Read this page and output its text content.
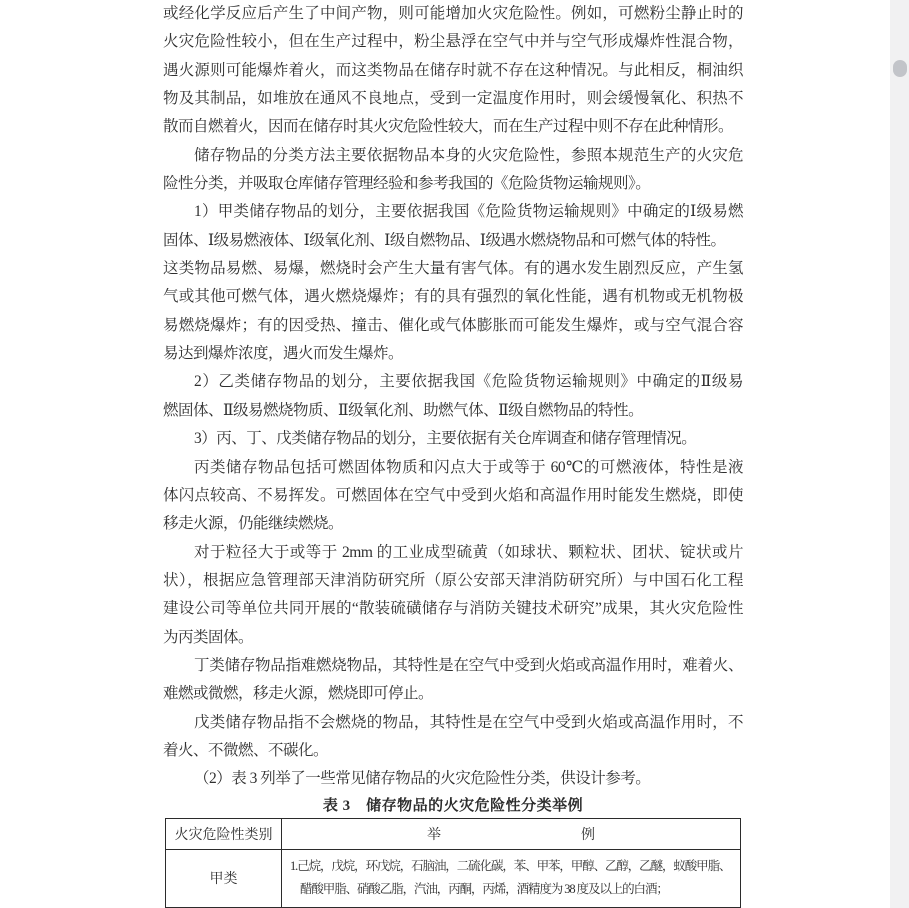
或经化学反应后产生了中间产物，则可能增加火灾危险性。例如，可燃粉尘静止时的
火灾危险性较小，但在生产过程中，粉尘悬浮在空气中并与空气形成爆炸性混合物，
遇火源则可能爆炸着火，而这类物品在储存时就不存在这种情况。与此相反，桐油织
物及其制品，如堆放在通风不良地点，受到一定温度作用时，则会缓慢氧化、积热不
散而自燃着火，因而在储存时其火灾危险性较大，而在生产过程中则不存在此种情形。
储存物品的分类方法主要依据物品本身的火灾危险性，参照本规范生产的火灾危
险性分类，并吸取仓库储存管理经验和参考我国的《危险货物运输规则》。
1）甲类储存物品的划分，主要依据我国《危险货物运输规则》中确定的Ⅰ级易燃
固体、Ⅰ级易燃液体、Ⅰ级氧化剂、Ⅰ级自燃物品、Ⅰ级遇水燃烧物品和可燃气体的特性。
这类物品易燃、易爆，燃烧时会产生大量有害气体。有的遇水发生剧烈反应，产生氢
气或其他可燃气体，遇火燃烧爆炸；有的具有强烈的氧化性能，遇有机物或无机物极
易燃烧爆炸；有的因受热、撞击、催化或气体膨胀而可能发生爆炸，或与空气混合容
易达到爆炸浓度，遇火而发生爆炸。
2）乙类储存物品的划分，主要依据我国《危险货物运输规则》中确定的Ⅱ级易
燃固体、Ⅱ级易燃烧物质、Ⅱ级氧化剂、助燃气体、Ⅱ级自燃物品的特性。
3）丙、丁、戊类储存物品的划分，主要依据有关仓库调查和储存管理情况。
丙类储存物品包括可燃固体物质和闪点大于或等于 60℃的可燃液体，特性是液
体闪点较高、不易挥发。可燃固体在空气中受到火焰和高温作用时能发生燃烧，即使
移走火源，仍能继续燃烧。
对于粒径大于或等于 2mm 的工业成型硫黄（如球状、颗粒状、团状、锭状或片
状），根据应急管理部天津消防研究所（原公安部天津消防研究所）与中国石化工程
建设公司等单位共同开展的“散装硫磺储存与消防关键技术研究”成果，其火灾危险性
为丙类固体。
丁类储存物品指难燃烧物品，其特性是在空气中受到火焰或高温作用时，难着火、
难燃或微燃，移走火源，燃烧即可停止。
戊类储存物品指不会燃烧的物品，其特性是在空气中受到火焰或高温作用时，不
着火、不微燃、不碳化。
（2）表 3 列举了一些常见储存物品的火灾危险性分类，供设计参考。
表 3　储存物品的火灾危险性分类举例
火灾危险性类别	举 例

甲类	1.己烷，戊烷，环戊烷，石脑油，二硫化碳，苯、甲苯，甲醇、乙醇，乙醚，蚁酸甲脂、
醋酸甲脂、硝酸乙脂，汽油，丙酮，丙烯，酒精度为 38 度及以上的白酒；
